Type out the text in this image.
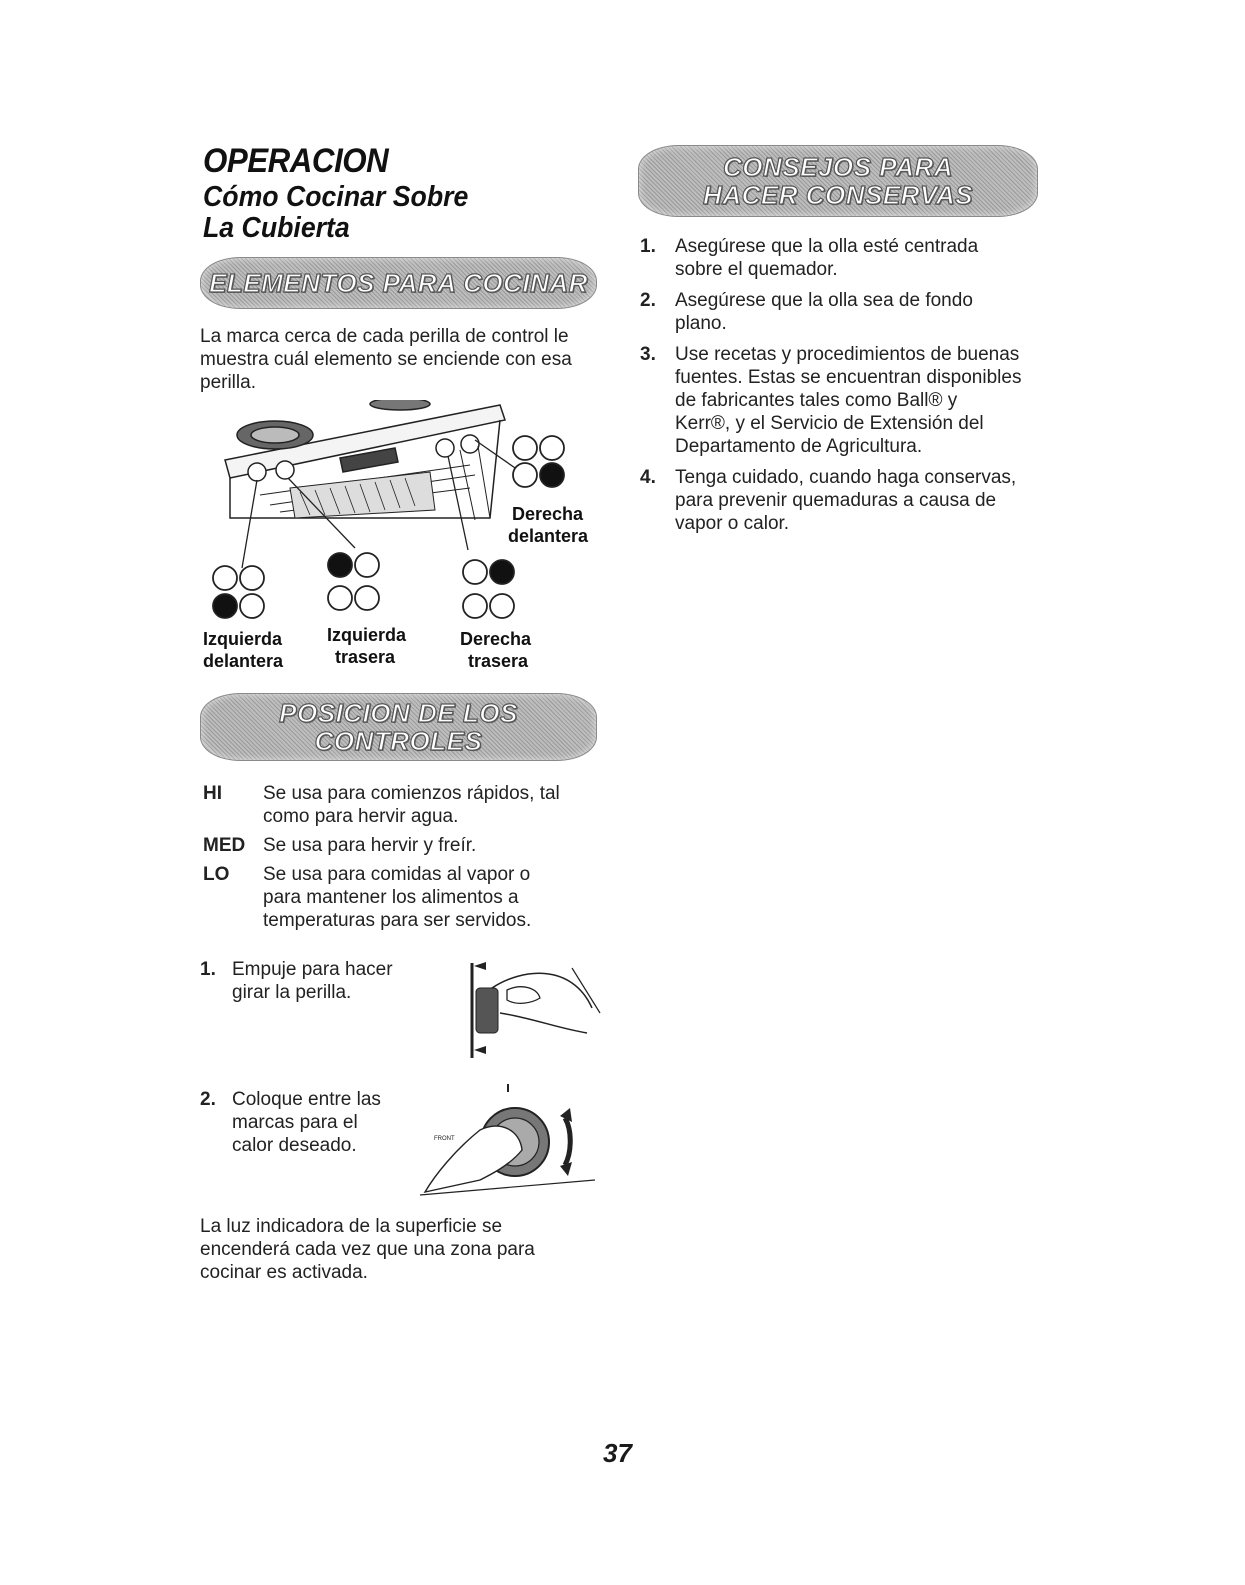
OPERACION
Cómo Cocinar Sobre
La Cubierta
ELEMENTOS PARA COCINAR
La marca cerca de cada perilla de control le muestra cuál elemento se enciende con esa perilla.
Derecha
delantera
Izquierda
delantera
Izquierda
trasera
Derecha
trasera
POSICION DE LOS
CONTROLES
HI	Se usa para comienzos rápidos, tal
como para hervir agua.
MED Se usa para hervir y freír.
LO	Se usa para comidas al vapor o
para mantener los alimentos a
temperaturas para ser servidos.
1. Empuje para hacer
girar la perilla.
2. Coloque entre las
marcas para el
calor deseado.	FRONT
La luz indicadora de la superficie se
encenderá cada vez que una zona para
cocinar es activada.
CONSEJOS PARA
HACER CONSERVAS
1.	Asegúrese que la olla esté centrada
sobre el quemador.
2.	Asegúrese que la olla sea de fondo
plano.
3.	Use recetas y procedimientos de buenas
fuentes. Estas se encuentran disponibles
de fabricantes tales como Ball® y
Kerr®, y el Servicio de Extensión del
Departamento de Agricultura.
4.	Tenga cuidado, cuando haga conservas,
para prevenir quemaduras a causa de
vapor o calor.
37
